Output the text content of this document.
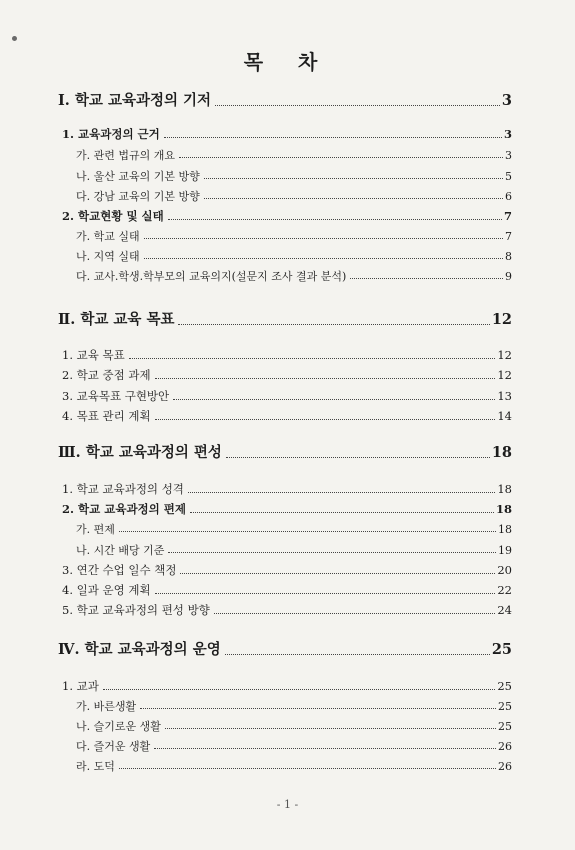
목 차
Ⅰ. 학교 교육과정의 기저	3
1. 교육과정의 근거	3
가. 관련 법규의 개요	3
나. 울산 교육의 기본 방향	5
다. 강남 교육의 기본 방향	6
2. 학교현황 및 실태	7
가. 학교 실태	7
나. 지역 실태	8
다. 교사.학생.학부모의 교육의지(설문지 조사 결과 분석)	9
Ⅱ. 학교 교육 목표	12
1. 교육 목표	12
2. 학교 중점 과제	12
3. 교육목표 구현방안	13
4. 목표 관리 계획	14
Ⅲ. 학교 교육과정의 편성	18
1. 학교 교육과정의 성격	18
2. 학교 교육과정의 편제	18
가. 편제	18
나. 시간 배당 기준	19
3. 연간 수업 일수 책정	20
4. 일과 운영 계획	22
5. 학교 교육과정의 편성 방향	24
Ⅳ. 학교 교육과정의 운영	25
1. 교과	25
가. 바른생활	25
나. 슬기로운 생활	25
다. 즐거운 생활	26
라. 도덕	26
- 1 -
